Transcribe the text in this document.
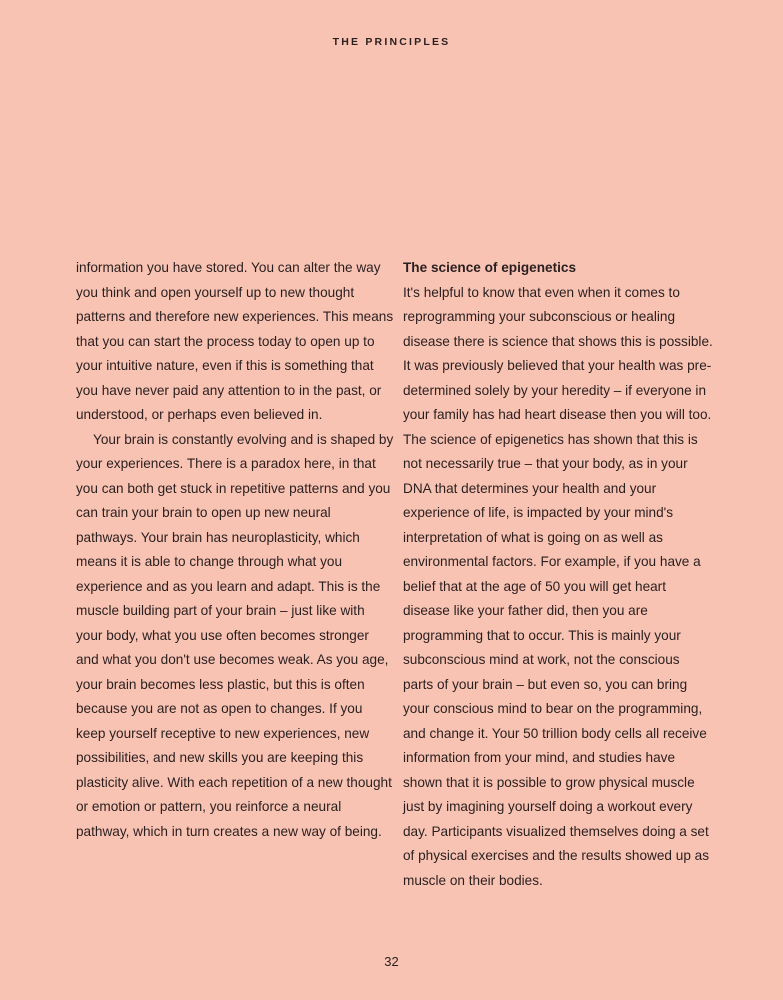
THE PRINCIPLES

information you have stored. You can alter the way you think and open yourself up to new thought patterns and therefore new experiences. This means that you can start the process today to open up to your intuitive nature, even if this is something that you have never paid any attention to in the past, or understood, or perhaps even believed in.

Your brain is constantly evolving and is shaped by your experiences. There is a paradox here, in that you can both get stuck in repetitive patterns and you can train your brain to open up new neural pathways. Your brain has neuroplasticity, which means it is able to change through what you experience and as you learn and adapt. This is the muscle building part of your brain – just like with your body, what you use often becomes stronger and what you don't use becomes weak. As you age, your brain becomes less plastic, but this is often because you are not as open to changes. If you keep yourself receptive to new experiences, new possibilities, and new skills you are keeping this plasticity alive. With each repetition of a new thought or emotion or pattern, you reinforce a neural pathway, which in turn creates a new way of being.

The science of epigenetics

It's helpful to know that even when it comes to reprogramming your subconscious or healing disease there is science that shows this is possible. It was previously believed that your health was pre-determined solely by your heredity – if everyone in your family has had heart disease then you will too. The science of epigenetics has shown that this is not necessarily true – that your body, as in your DNA that determines your health and your experience of life, is impacted by your mind's interpretation of what is going on as well as environmental factors. For example, if you have a belief that at the age of 50 you will get heart disease like your father did, then you are programming that to occur. This is mainly your subconscious mind at work, not the conscious parts of your brain – but even so, you can bring your conscious mind to bear on the programming, and change it. Your 50 trillion body cells all receive information from your mind, and studies have shown that it is possible to grow physical muscle just by imagining yourself doing a workout every day. Participants visualized themselves doing a set of physical exercises and the results showed up as muscle on their bodies.

32
